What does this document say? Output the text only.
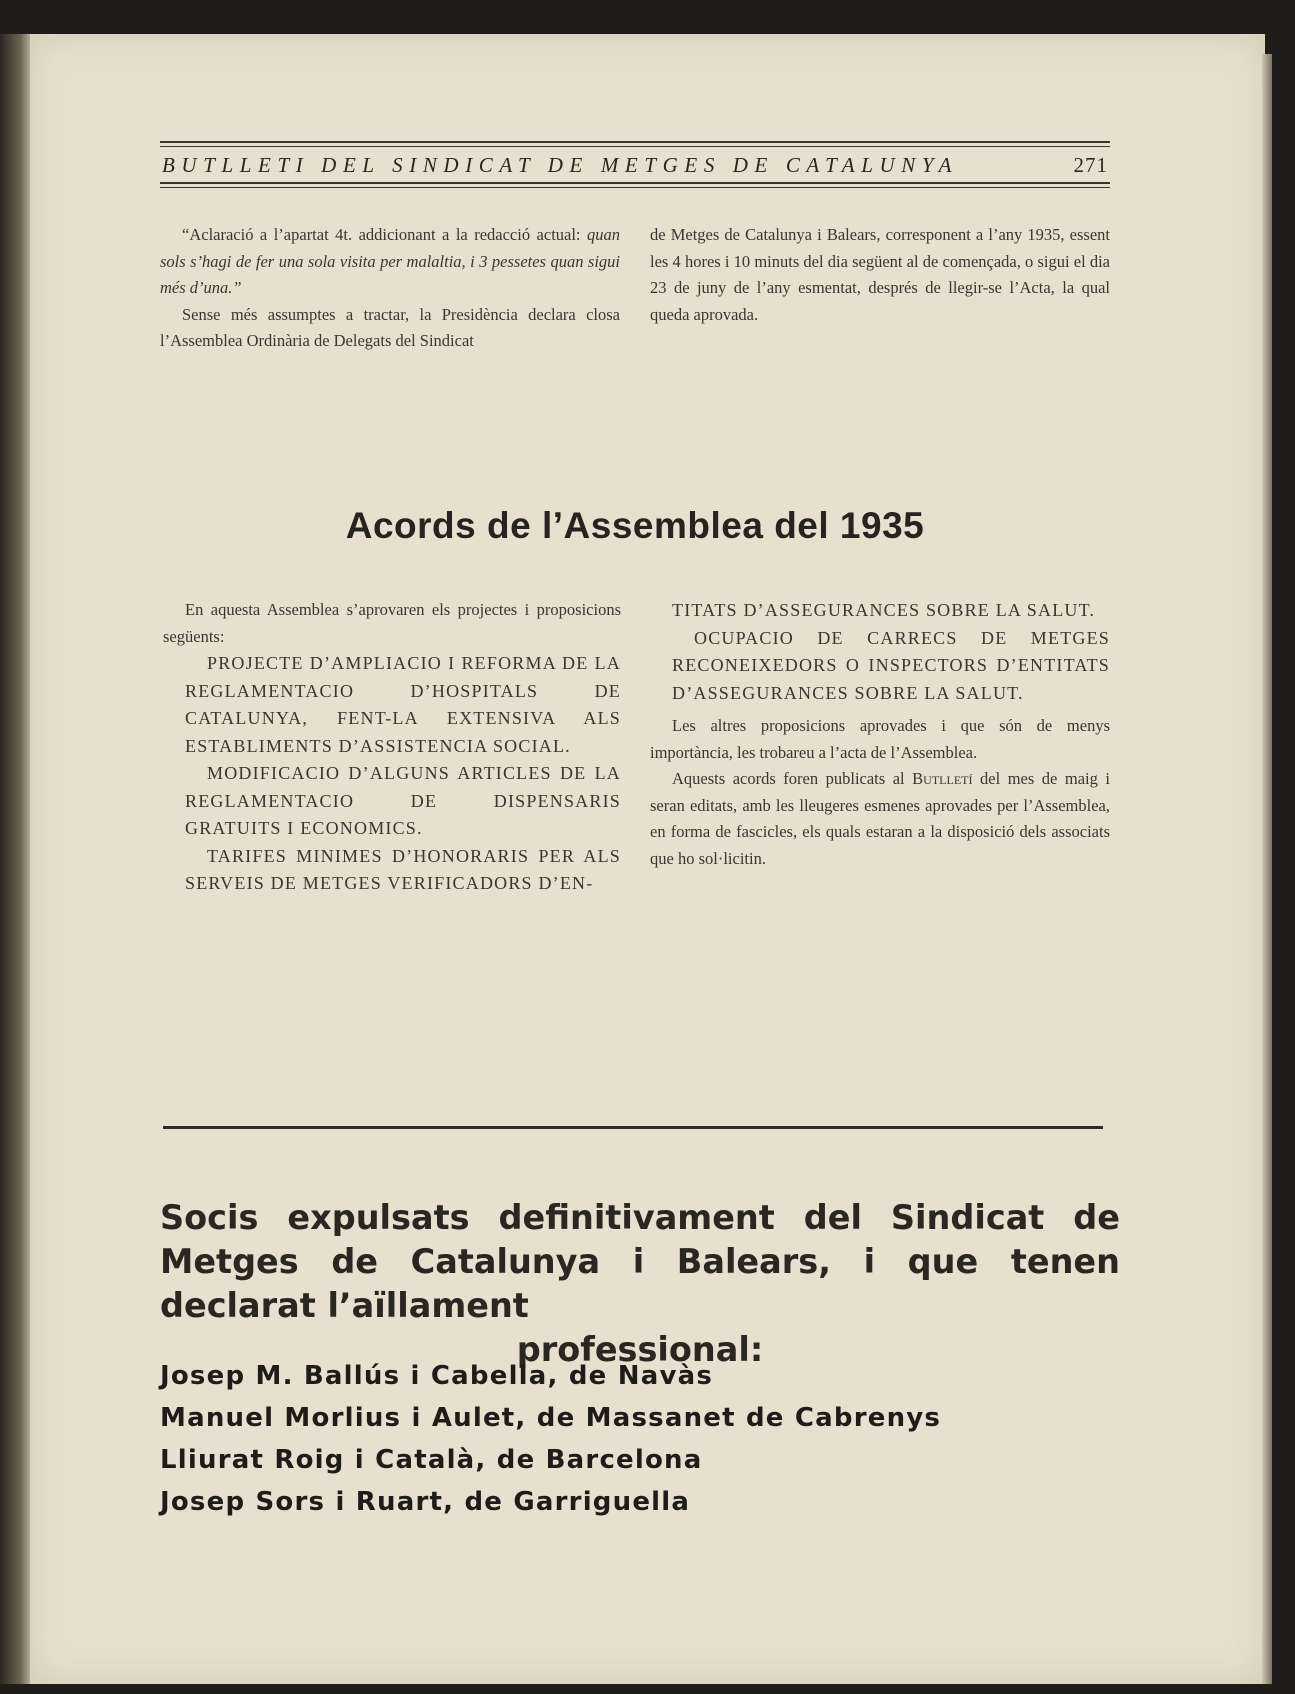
BUTLLETI DEL SINDICAT DE METGES DE CATALUNYA	271

“Aclaració a l’apartat 4t. addicionant a la redacció actual: quan sols s’hagi de fer una sola visita per malaltia, i 3 pessetes quan sigui més d’una.”

Sense més assumptes a tractar, la Presidència declara closa l’Assemblea Ordinària de Delegats del Sindicat

de Metges de Catalunya i Balears, corresponent a l’any 1935, essent les 4 hores i 10 minuts del dia següent al de començada, o sigui el dia 23 de juny de l’any esmentat, després de llegir-se l’Acta, la qual queda aprovada.

Acords de l’Assemblea del 1935

En aquesta Assemblea s’aprovaren els projectes i proposicions següents:

PROJECTE D’AMPLIACIO I REFORMA DE LA REGLAMENTACIO D’HOSPITALS DE CATALUNYA, FENT-LA EXTENSIVA ALS ESTABLIMENTS D’ASSISTENCIA SOCIAL.

MODIFICACIO D’ALGUNS ARTICLES DE LA REGLAMENTACIO DE DISPENSARIS GRATUITS I ECONOMICS.

TARIFES MINIMES D’HONORARIS PER ALS SERVEIS DE METGES VERIFICADORS D’EN-

TITATS D’ASSEGURANCES SOBRE LA SALUT.

OCUPACIO DE CARRECS DE METGES RECONEIXEDORS O INSPECTORS D’ENTITATS D’ASSEGURANCES SOBRE LA SALUT.

Les altres proposicions aprovades i que són de menys importància, les trobareu a l’acta de l’Assemblea.

Aquests acords foren publicats al Butlletí del mes de maig i seran editats, amb les lleugeres esmenes aprovades per l’Assemblea, en forma de fascicles, els quals estaran a la disposició dels associats que ho sol·licitin.

Socis expulsats definitivament del Sindicat de Metges de Catalunya i Balears, i que tenen declarat l’aïllament
professional:
Josep M. Ballús i Cabella, de Navàs
Manuel Morlius i Aulet, de Massanet de Cabrenys
Lliurat Roig i Català, de Barcelona
Josep Sors i Ruart, de Garriguella
